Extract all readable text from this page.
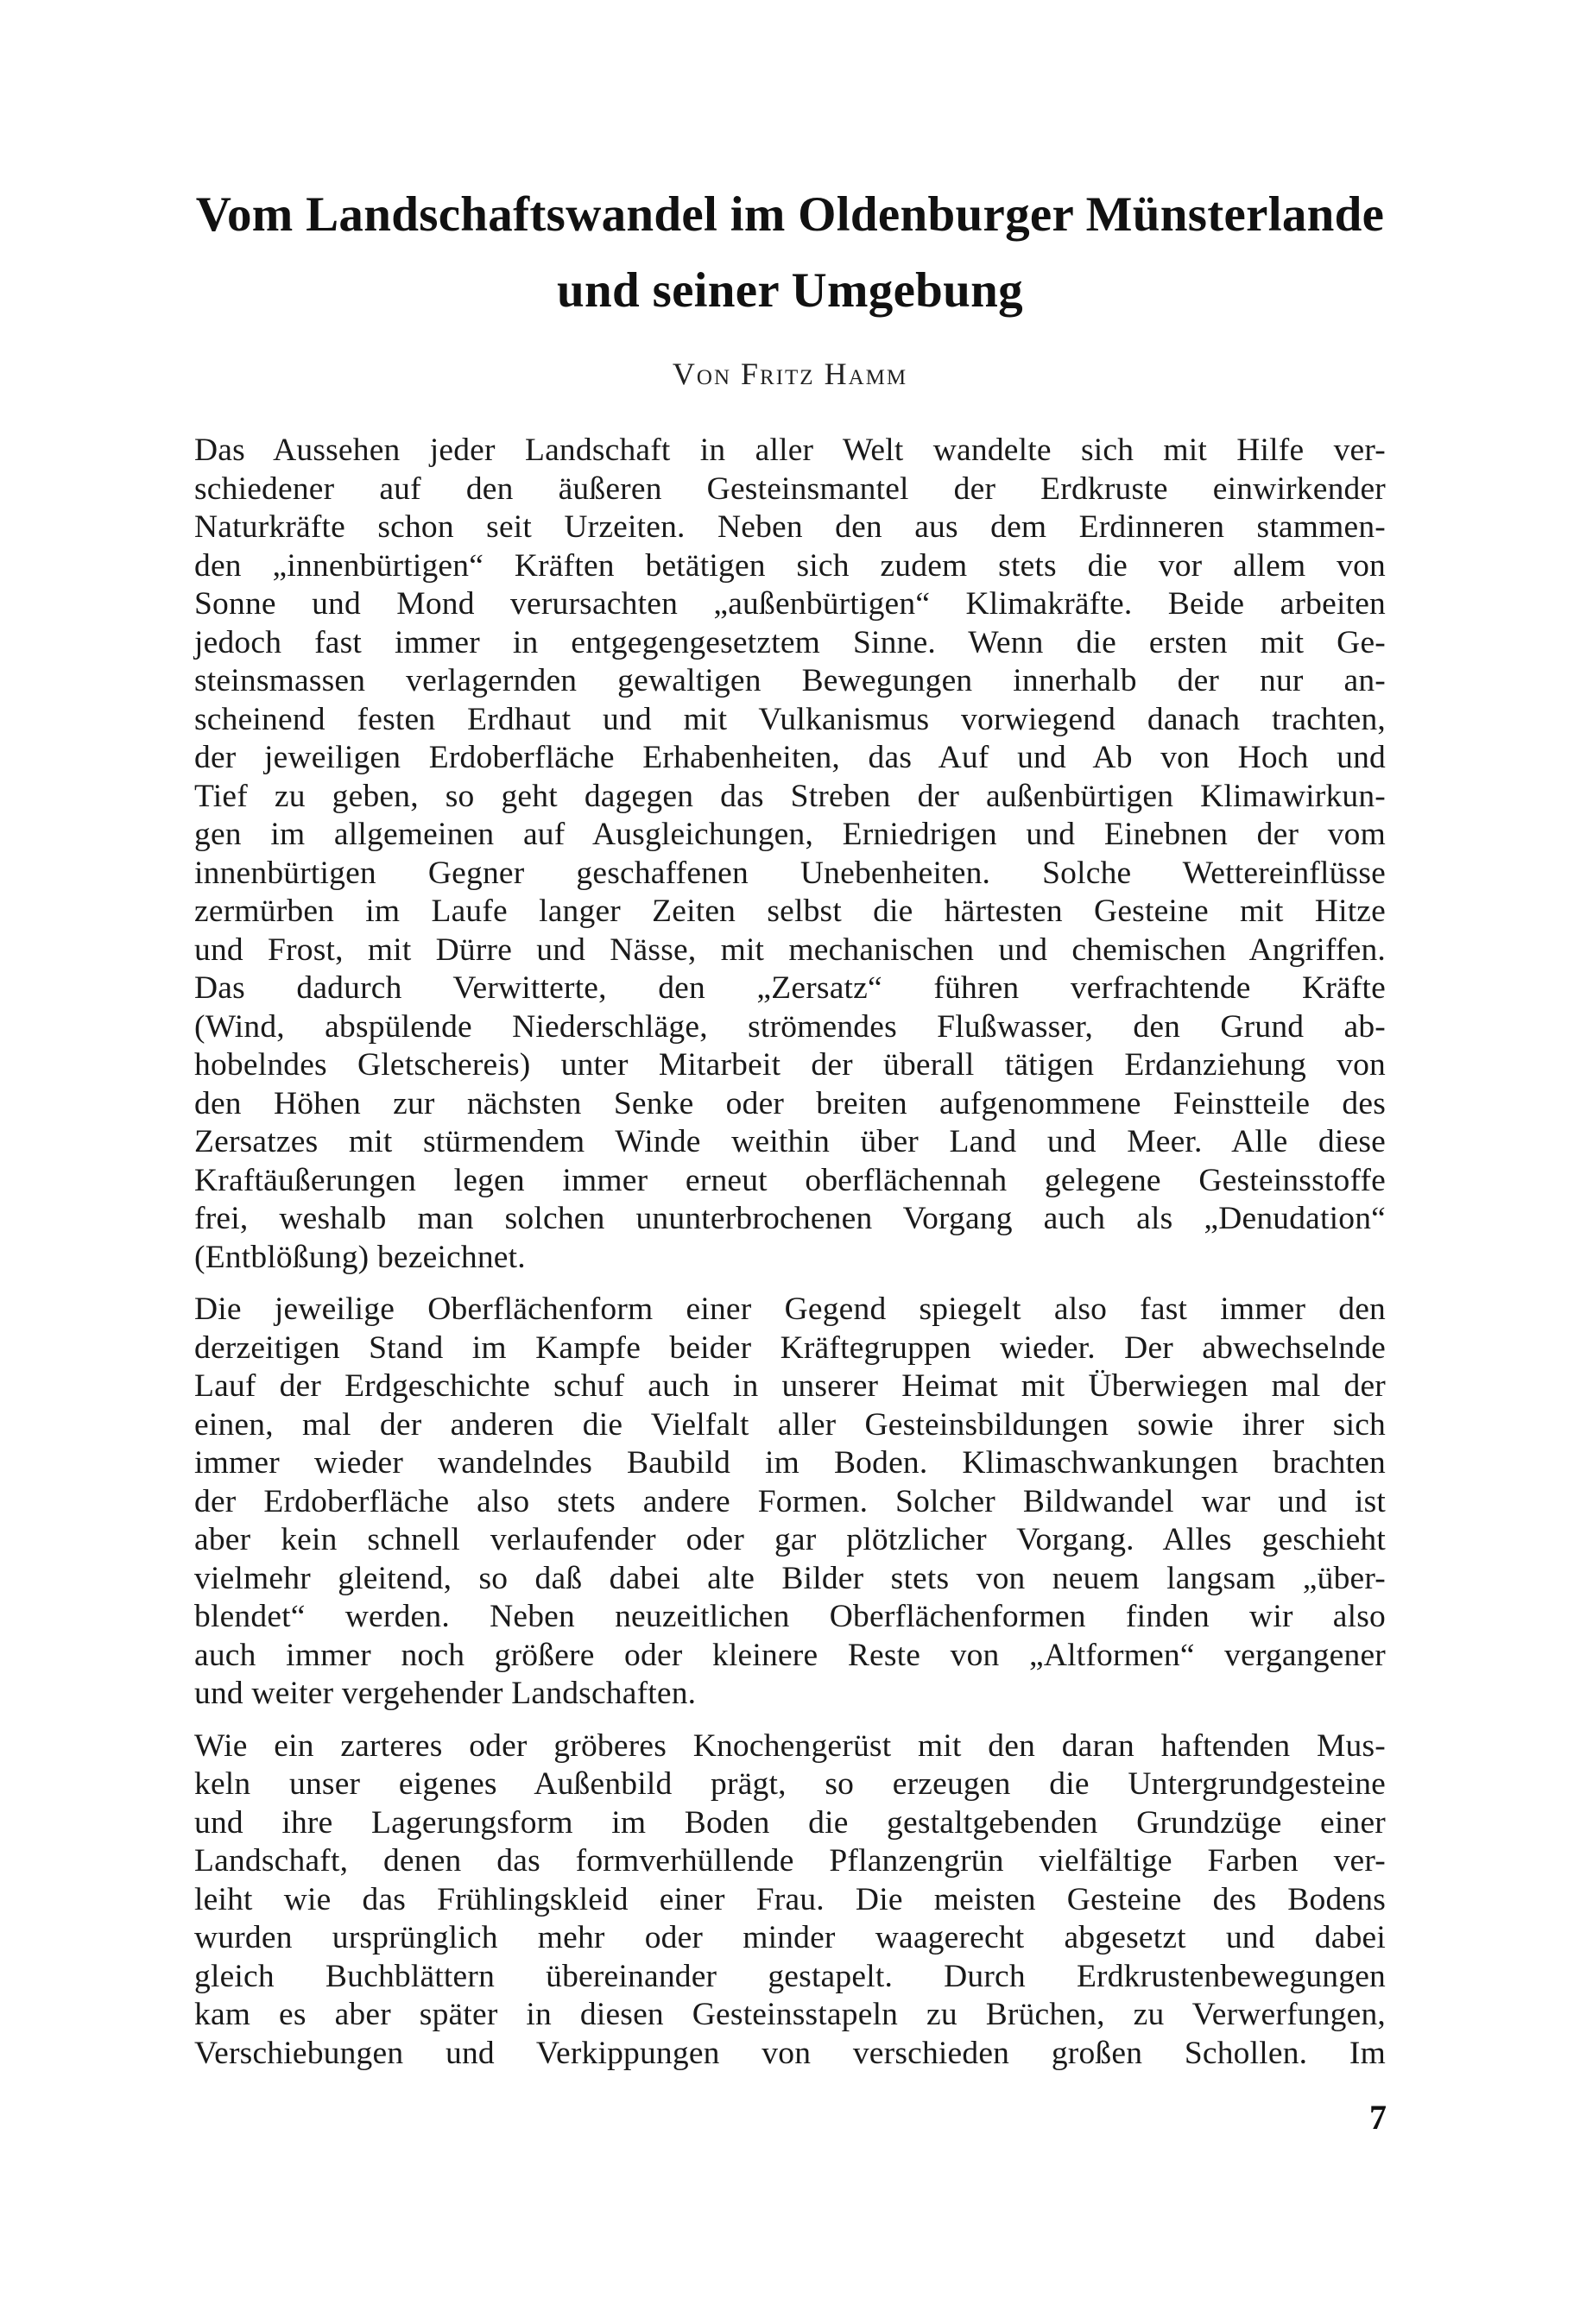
Vom Landschaftswandel im Oldenburger Münsterlande
und seiner Umgebung
Von Fritz Hamm
Das Aussehen jeder Landschaft in aller Welt wandelte sich mit Hilfe ver-
schiedener auf den äußeren Gesteinsmantel der Erdkruste einwirkender
Naturkräfte schon seit Urzeiten. Neben den aus dem Erdinneren stammen-
den „innenbürtigen“ Kräften betätigen sich zudem stets die vor allem von
Sonne und Mond verursachten „außenbürtigen“ Klimakräfte. Beide arbeiten
jedoch fast immer in entgegengesetztem Sinne. Wenn die ersten mit Ge-
steinsmassen verlagernden gewaltigen Bewegungen innerhalb der nur an-
scheinend festen Erdhaut und mit Vulkanismus vorwiegend danach trachten,
der jeweiligen Erdoberfläche Erhabenheiten, das Auf und Ab von Hoch und
Tief zu geben, so geht dagegen das Streben der außenbürtigen Klimawirkun-
gen im allgemeinen auf Ausgleichungen, Erniedrigen und Einebnen der vom
innenbürtigen Gegner geschaffenen Unebenheiten. Solche Wettereinflüsse
zermürben im Laufe langer Zeiten selbst die härtesten Gesteine mit Hitze
und Frost, mit Dürre und Nässe, mit mechanischen und chemischen Angriffen.
Das dadurch Verwitterte, den „Zersatz“ führen verfrachtende Kräfte
(Wind, abspülende Niederschläge, strömendes Flußwasser, den Grund ab-
hobelndes Gletschereis) unter Mitarbeit der überall tätigen Erdanziehung von
den Höhen zur nächsten Senke oder breiten aufgenommene Feinstteile des
Zersatzes mit stürmendem Winde weithin über Land und Meer. Alle diese
Kraftäußerungen legen immer erneut oberflächennah gelegene Gesteinsstoffe
frei, weshalb man solchen ununterbrochenen Vorgang auch als „Denudation“
(Entblößung) bezeichnet.
Die jeweilige Oberflächenform einer Gegend spiegelt also fast immer den
derzeitigen Stand im Kampfe beider Kräftegruppen wieder. Der abwechselnde
Lauf der Erdgeschichte schuf auch in unserer Heimat mit Überwiegen mal der
einen, mal der anderen die Vielfalt aller Gesteinsbildungen sowie ihrer sich
immer wieder wandelndes Baubild im Boden. Klimaschwankungen brachten
der Erdoberfläche also stets andere Formen. Solcher Bildwandel war und ist
aber kein schnell verlaufender oder gar plötzlicher Vorgang. Alles geschieht
vielmehr gleitend, so daß dabei alte Bilder stets von neuem langsam „über-
blendet“ werden. Neben neuzeitlichen Oberflächenformen finden wir also
auch immer noch größere oder kleinere Reste von „Altformen“ vergangener
und weiter vergehender Landschaften.
Wie ein zarteres oder gröberes Knochengerüst mit den daran haftenden Mus-
keln unser eigenes Außenbild prägt, so erzeugen die Untergrundgesteine
und ihre Lagerungsform im Boden die gestaltgebenden Grundzüge einer
Landschaft, denen das formverhüllende Pflanzengrün vielfältige Farben ver-
leiht wie das Frühlingskleid einer Frau. Die meisten Gesteine des Bodens
wurden ursprünglich mehr oder minder waagerecht abgesetzt und dabei
gleich Buchblättern übereinander gestapelt. Durch Erdkrustenbewegungen
kam es aber später in diesen Gesteinsstapeln zu Brüchen, zu Verwerfungen,
Verschiebungen und Verkippungen von verschieden großen Schollen. Im
7
